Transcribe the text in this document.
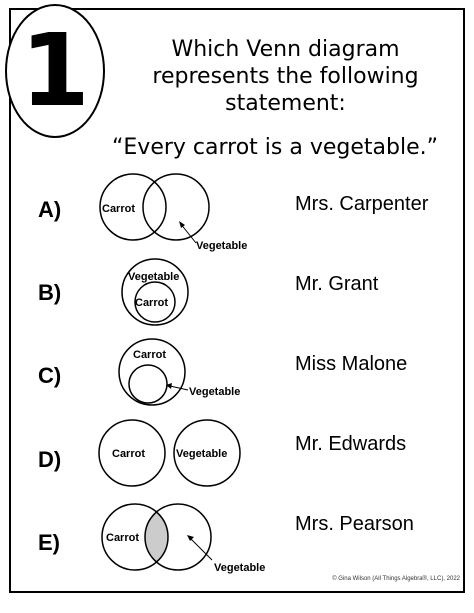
1	Which Venn diagram
represents the following
statement:
“Every carrot is a vegetable.”
A)
B)
C)
D)
E)
Mrs. Carpenter
Mr. Grant
Miss Malone
Mr. Edwards
Mrs. Pearson
Carrot
Vegetable
Vegetable
Carrot
Carrot
Vegetable
Carrot	Vegetable
Carrot
Vegetable
© Gina Wilson (All Things Algebra®, LLC), 2022
